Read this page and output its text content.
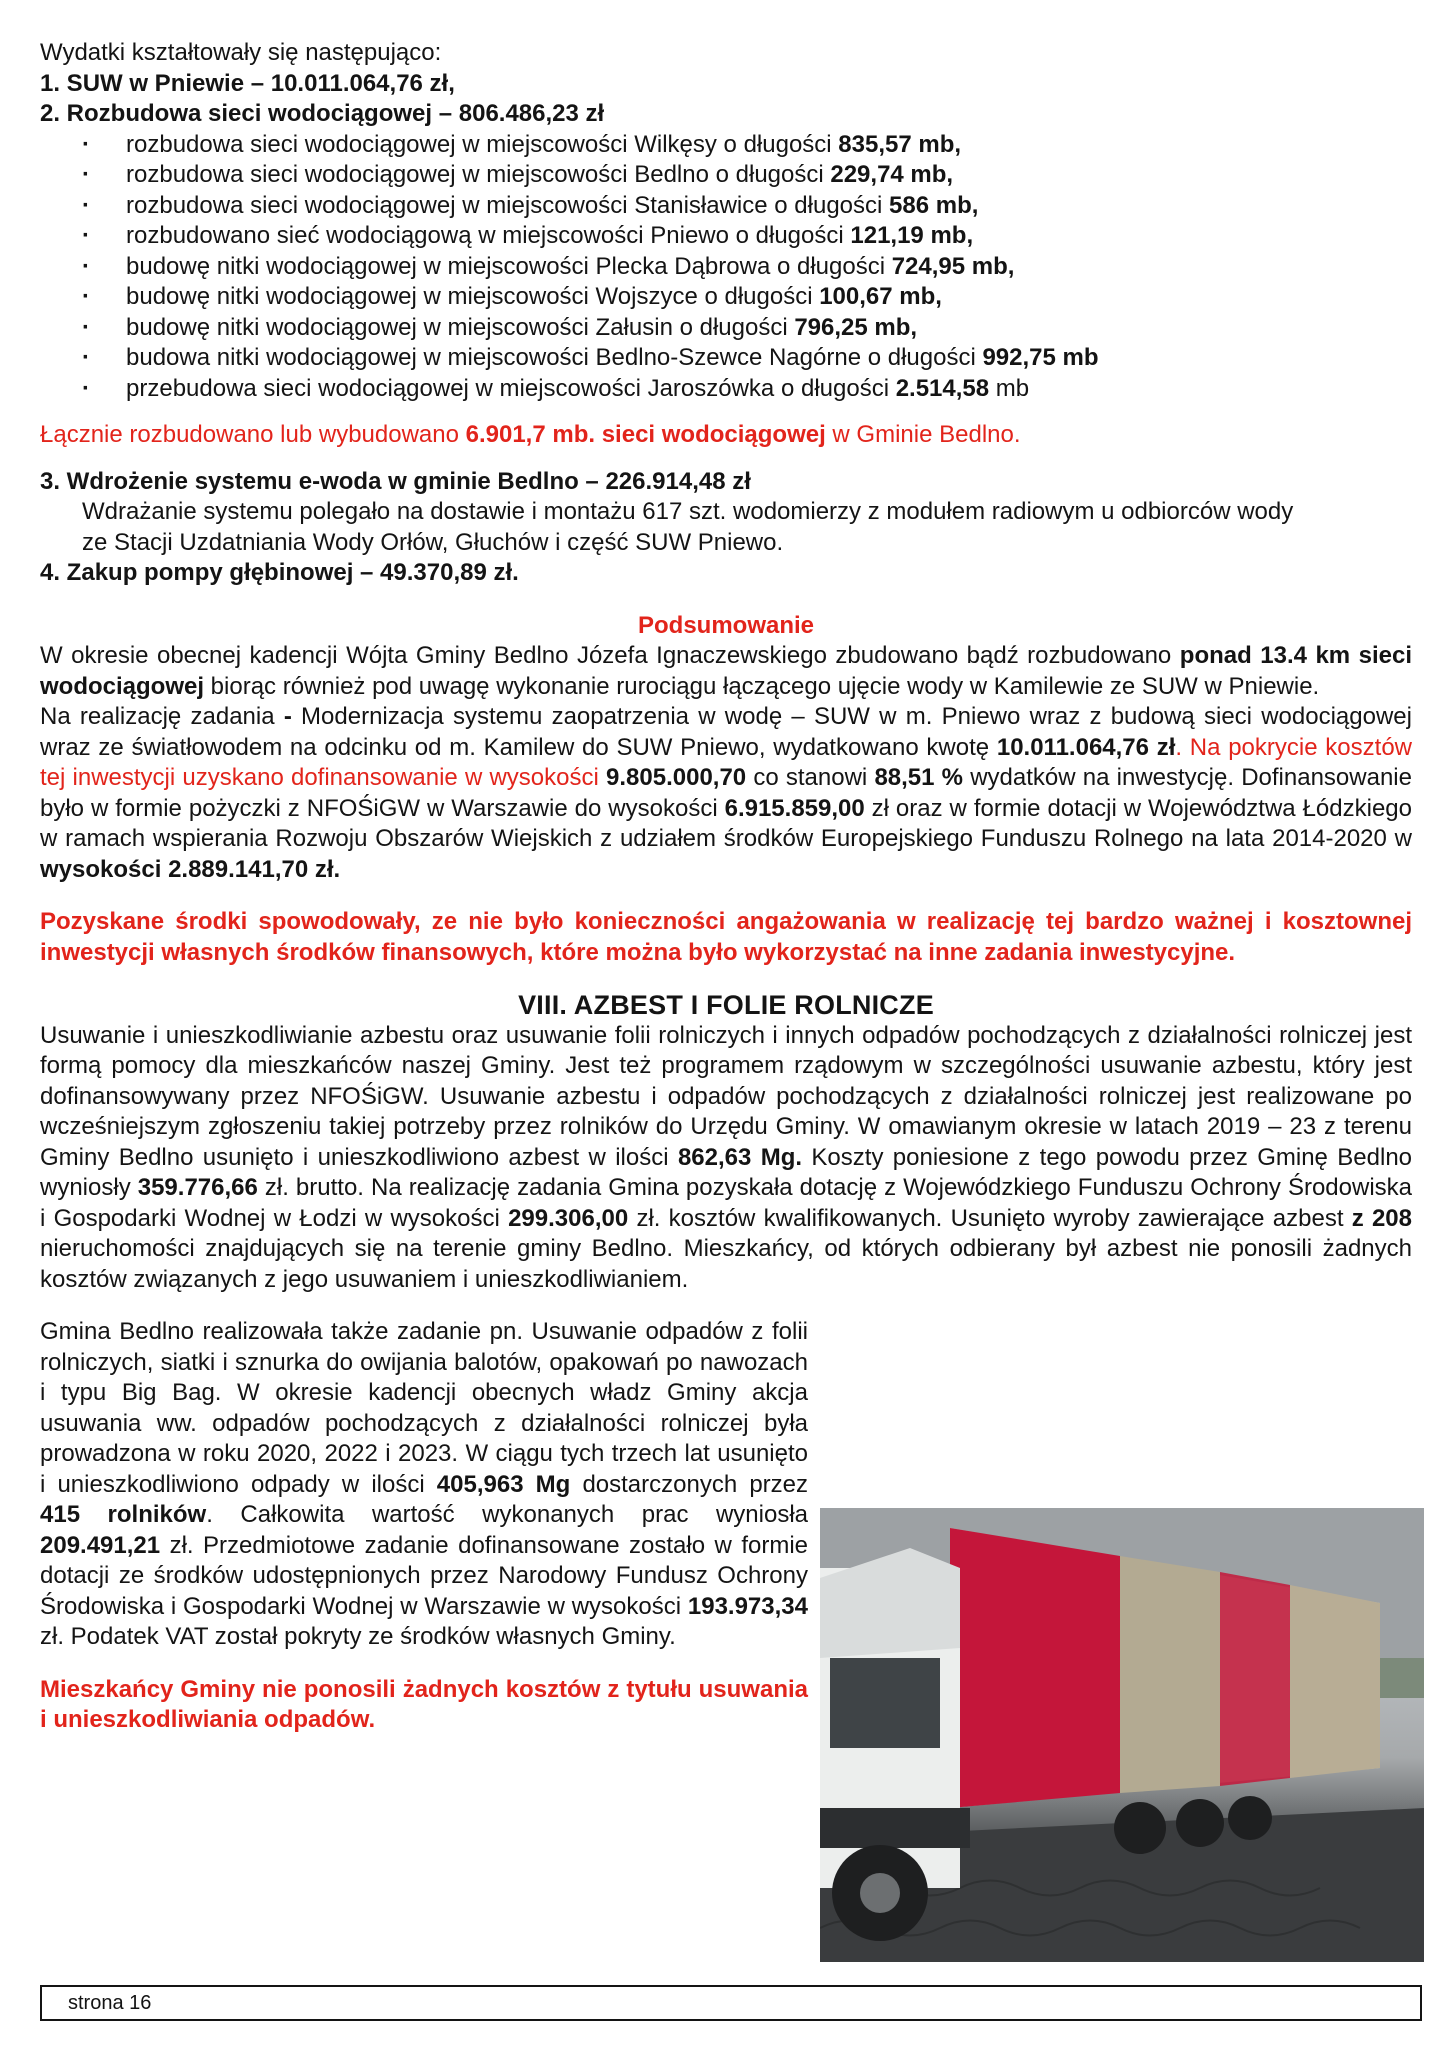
Wydatki kształtowały się następująco:
1. SUW w Pniewie – 10.011.064,76 zł,
2. Rozbudowa sieci wodociągowej – 806.486,23 zł
· rozbudowa sieci wodociągowej w miejscowości Wilkęsy o długości 835,57 mb,
· rozbudowa sieci wodociągowej w miejscowości Bedlno o długości 229,74 mb,
· rozbudowa sieci wodociągowej w miejscowości Stanisławice o długości 586 mb,
· rozbudowano sieć wodociągową w miejscowości Pniewo o długości 121,19 mb,
· budowę nitki wodociągowej w miejscowości Plecka Dąbrowa o długości 724,95 mb,
· budowę nitki wodociągowej w miejscowości Wojszyce o długości 100,67 mb,
· budowę nitki wodociągowej w miejscowości Załusin o długości 796,25 mb,
· budowa nitki wodociągowej w miejscowości Bedlno-Szewce Nagórne o długości 992,75 mb
· przebudowa sieci wodociągowej w miejscowości Jaroszówka o długości 2.514,58 mb
Łącznie rozbudowano lub wybudowano 6.901,7 mb. sieci wodociągowej w Gminie Bedlno.
3. Wdrożenie systemu e-woda w gminie Bedlno – 226.914,48 zł
Wdrażanie systemu polegało na dostawie i montażu 617 szt. wodomierzy z modułem radiowym u odbiorców wody
ze Stacji Uzdatniania Wody Orłów, Głuchów i część SUW Pniewo.
4. Zakup pompy głębinowej – 49.370,89 zł.
Podsumowanie
W okresie obecnej kadencji Wójta Gminy Bedlno Józefa Ignaczewskiego zbudowano bądź rozbudowano ponad 13.4 km sieci wodociągowej biorąc również pod uwagę wykonanie rurociągu łączącego ujęcie wody w Kamilewie ze SUW w Pniewie.
Na realizację zadania - Modernizacja systemu zaopatrzenia w wodę – SUW w m. Pniewo wraz z budową sieci wodociągowej wraz ze światłowodem na odcinku od m. Kamilew do SUW Pniewo, wydatkowano kwotę 10.011.064,76 zł. Na pokrycie kosztów tej inwestycji uzyskano dofinansowanie w wysokości 9.805.000,70 co stanowi 88,51 % wydatków na inwestycję. Dofinansowanie było w formie pożyczki z NFOŚiGW w Warszawie do wysokości 6.915.859,00 zł oraz w formie dotacji w Województwa Łódzkiego w ramach wspierania Rozwoju Obszarów Wiejskich z udziałem środków Europejskiego Funduszu Rolnego na lata 2014-2020 w wysokości 2.889.141,70 zł.
Pozyskane środki spowodowały, ze nie było konieczności angażowania w realizację tej bardzo ważnej i kosztownej inwestycji własnych środków finansowych, które można było wykorzystać na inne zadania inwestycyjne.
VIII. AZBEST I FOLIE ROLNICZE
Usuwanie i unieszkodliwianie azbestu oraz usuwanie folii rolniczych i innych odpadów pochodzących z działalności rolniczej jest formą pomocy dla mieszkańców naszej Gminy. Jest też programem rządowym w szczególności usuwanie azbestu, który jest dofinansowywany przez NFOŚiGW. Usuwanie azbestu i odpadów pochodzących z działalności rolniczej jest realizowane po wcześniejszym zgłoszeniu takiej potrzeby przez rolników do Urzędu Gminy. W omawianym okresie w latach 2019 – 23 z terenu Gminy Bedlno usunięto i unieszkodliwiono azbest w ilości 862,63 Mg. Koszty poniesione z tego powodu przez Gminę Bedlno wyniosły 359.776,66 zł. brutto. Na realizację zadania Gmina pozyskała dotację z Wojewódzkiego Funduszu Ochrony Środowiska i Gospodarki Wodnej w Łodzi w wysokości 299.306,00 zł. kosztów kwalifikowanych. Usunięto wyroby zawierające azbest z 208 nieruchomości znajdujących się na terenie gminy Bedlno. Mieszkańcy, od których odbierany był azbest nie ponosili żadnych kosztów związanych z jego usuwaniem i unieszkodliwianiem.
Gmina Bedlno realizowała także zadanie pn. Usuwanie odpadów z folii rolniczych, siatki i sznurka do owijania balotów, opakowań po nawozach i typu Big Bag. W okresie kadencji obecnych władz Gminy akcja usuwania ww. odpadów pochodzących z działalności rolniczej była prowadzona w roku 2020, 2022 i 2023. W ciągu tych trzech lat usunięto i unieszkodliwiono odpady w ilości 405,963 Mg dostarczonych przez 415 rolników. Całkowita wartość wykonanych prac wyniosła 209.491,21 zł. Przedmiotowe zadanie dofinansowane zostało w formie dotacji ze środków udostępnionych przez Narodowy Fundusz Ochrony Środowiska i Gospodarki Wodnej w Warszawie w wysokości 193.973,34 zł. Podatek VAT został pokryty ze środków własnych Gminy.
Mieszkańcy Gminy nie ponosili żadnych kosztów z tytułu usuwania i unieszkodliwiania odpadów.
strona 16
